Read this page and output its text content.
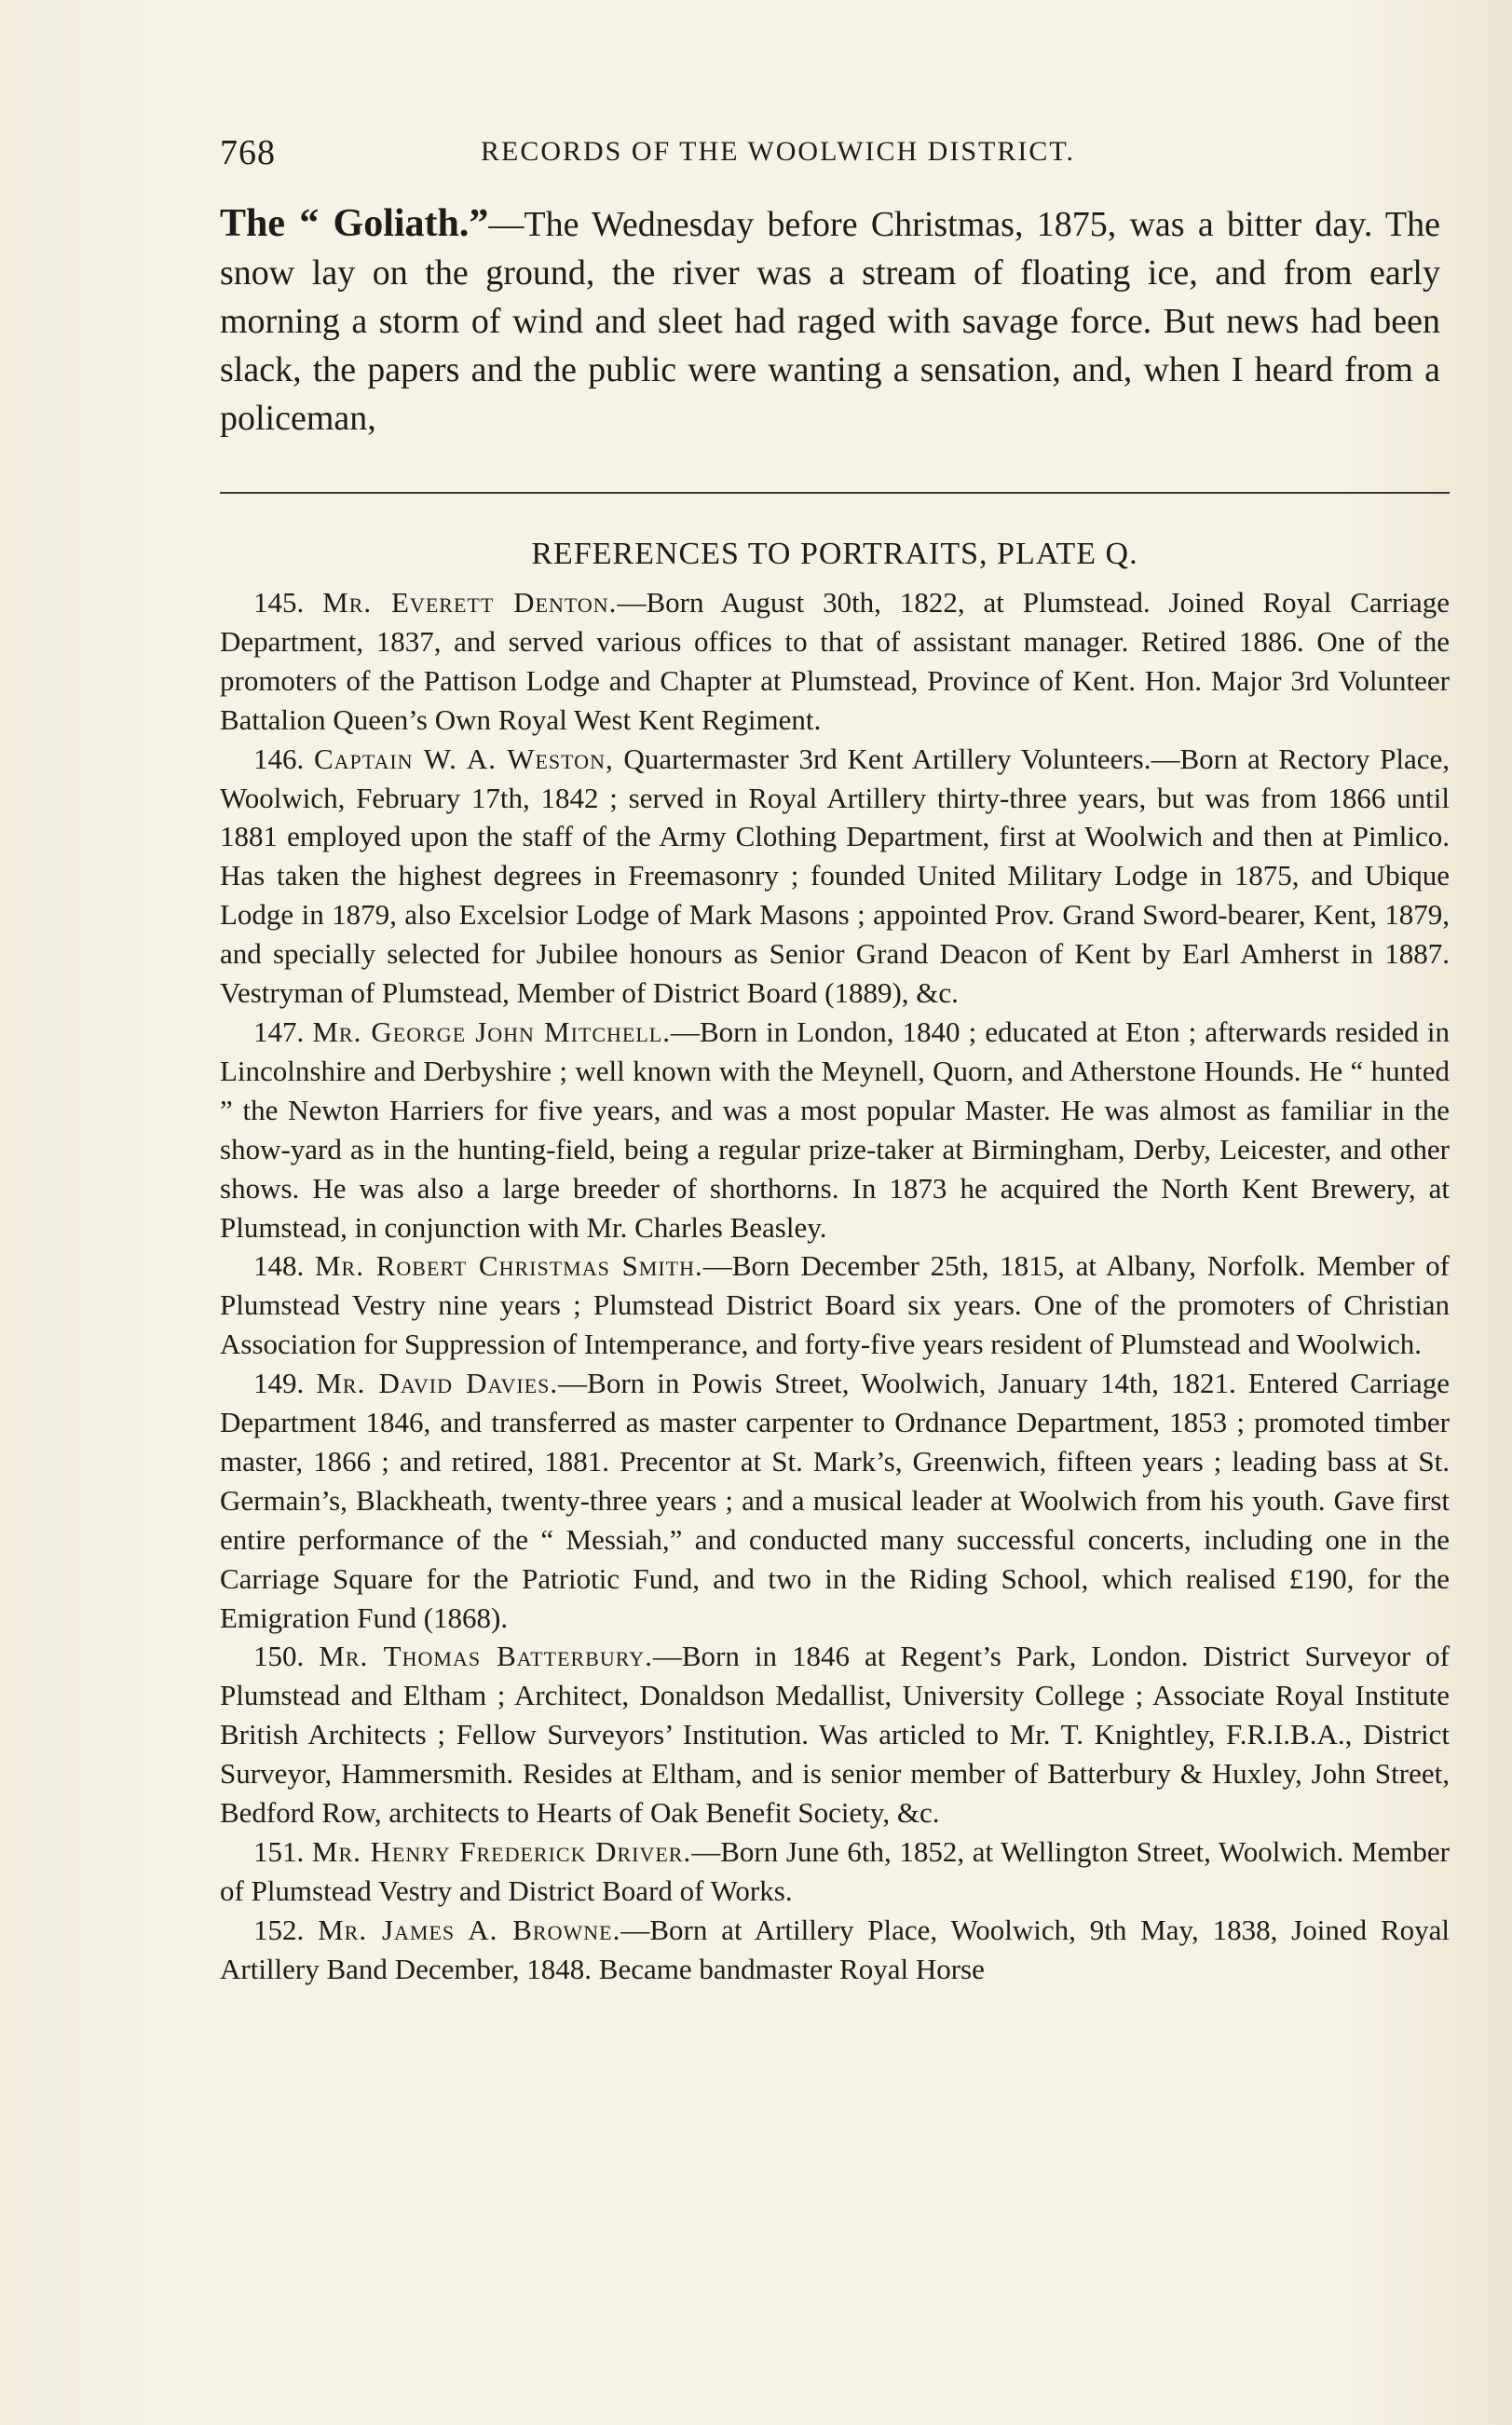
768	RECORDS OF THE WOOLWICH DISTRICT.

The “ Goliath.”—The Wednesday before Christmas, 1875, was a bitter day. The snow lay on the ground, the river was a stream of floating ice, and from early morning a storm of wind and sleet had raged with savage force. But news had been slack, the papers and the public were wanting a sensation, and, when I heard from a policeman,

REFERENCES TO PORTRAITS, PLATE Q.

145. Mr. Everett Denton.—Born August 30th, 1822, at Plumstead. Joined Royal Carriage Department, 1837, and served various offices to that of assistant manager. Retired 1886. One of the promoters of the Pattison Lodge and Chapter at Plumstead, Province of Kent. Hon. Major 3rd Volunteer Battalion Queen’s Own Royal West Kent Regiment.

146. Captain W. A. Weston, Quartermaster 3rd Kent Artillery Volunteers.—Born at Rectory Place, Woolwich, February 17th, 1842 ; served in Royal Artillery thirty-three years, but was from 1866 until 1881 employed upon the staff of the Army Clothing Department, first at Woolwich and then at Pimlico. Has taken the highest degrees in Freemasonry ; founded United Military Lodge in 1875, and Ubique Lodge in 1879, also Excelsior Lodge of Mark Masons ; appointed Prov. Grand Sword-bearer, Kent, 1879, and specially selected for Jubilee honours as Senior Grand Deacon of Kent by Earl Amherst in 1887. Vestryman of Plumstead, Member of District Board (1889), &c.

147. Mr. George John Mitchell.—Born in London, 1840 ; educated at Eton ; afterwards resided in Lincolnshire and Derbyshire ; well known with the Meynell, Quorn, and Atherstone Hounds. He “ hunted ” the Newton Harriers for five years, and was a most popular Master. He was almost as familiar in the show-yard as in the hunting-field, being a regular prize-taker at Birmingham, Derby, Leicester, and other shows. He was also a large breeder of shorthorns. In 1873 he acquired the North Kent Brewery, at Plumstead, in conjunction with Mr. Charles Beasley.

148. Mr. Robert Christmas Smith.—Born December 25th, 1815, at Albany, Norfolk. Member of Plumstead Vestry nine years ; Plumstead District Board six years. One of the promoters of Christian Association for Suppression of Intemperance, and forty-five years resident of Plumstead and Woolwich.

149. Mr. David Davies.—Born in Powis Street, Woolwich, January 14th, 1821. Entered Carriage Department 1846, and transferred as master carpenter to Ordnance Department, 1853 ; promoted timber master, 1866 ; and retired, 1881. Precentor at St. Mark’s, Greenwich, fifteen years ; leading bass at St. Germain’s, Blackheath, twenty-three years ; and a musical leader at Woolwich from his youth. Gave first entire performance of the “ Messiah,” and conducted many successful concerts, including one in the Carriage Square for the Patriotic Fund, and two in the Riding School, which realised £190, for the Emigration Fund (1868).

150. Mr. Thomas Batterbury.—Born in 1846 at Regent’s Park, London. District Surveyor of Plumstead and Eltham ; Architect, Donaldson Medallist, University College ; Associate Royal Institute British Architects ; Fellow Surveyors’ Institution. Was articled to Mr. T. Knightley, F.R.I.B.A., District Surveyor, Hammersmith. Resides at Eltham, and is senior member of Batterbury & Huxley, John Street, Bedford Row, architects to Hearts of Oak Benefit Society, &c.

151. Mr. Henry Frederick Driver.—Born June 6th, 1852, at Wellington Street, Woolwich. Member of Plumstead Vestry and District Board of Works.

152. Mr. James A. Browne.—Born at Artillery Place, Woolwich, 9th May, 1838, Joined Royal Artillery Band December, 1848. Became bandmaster Royal Horse
